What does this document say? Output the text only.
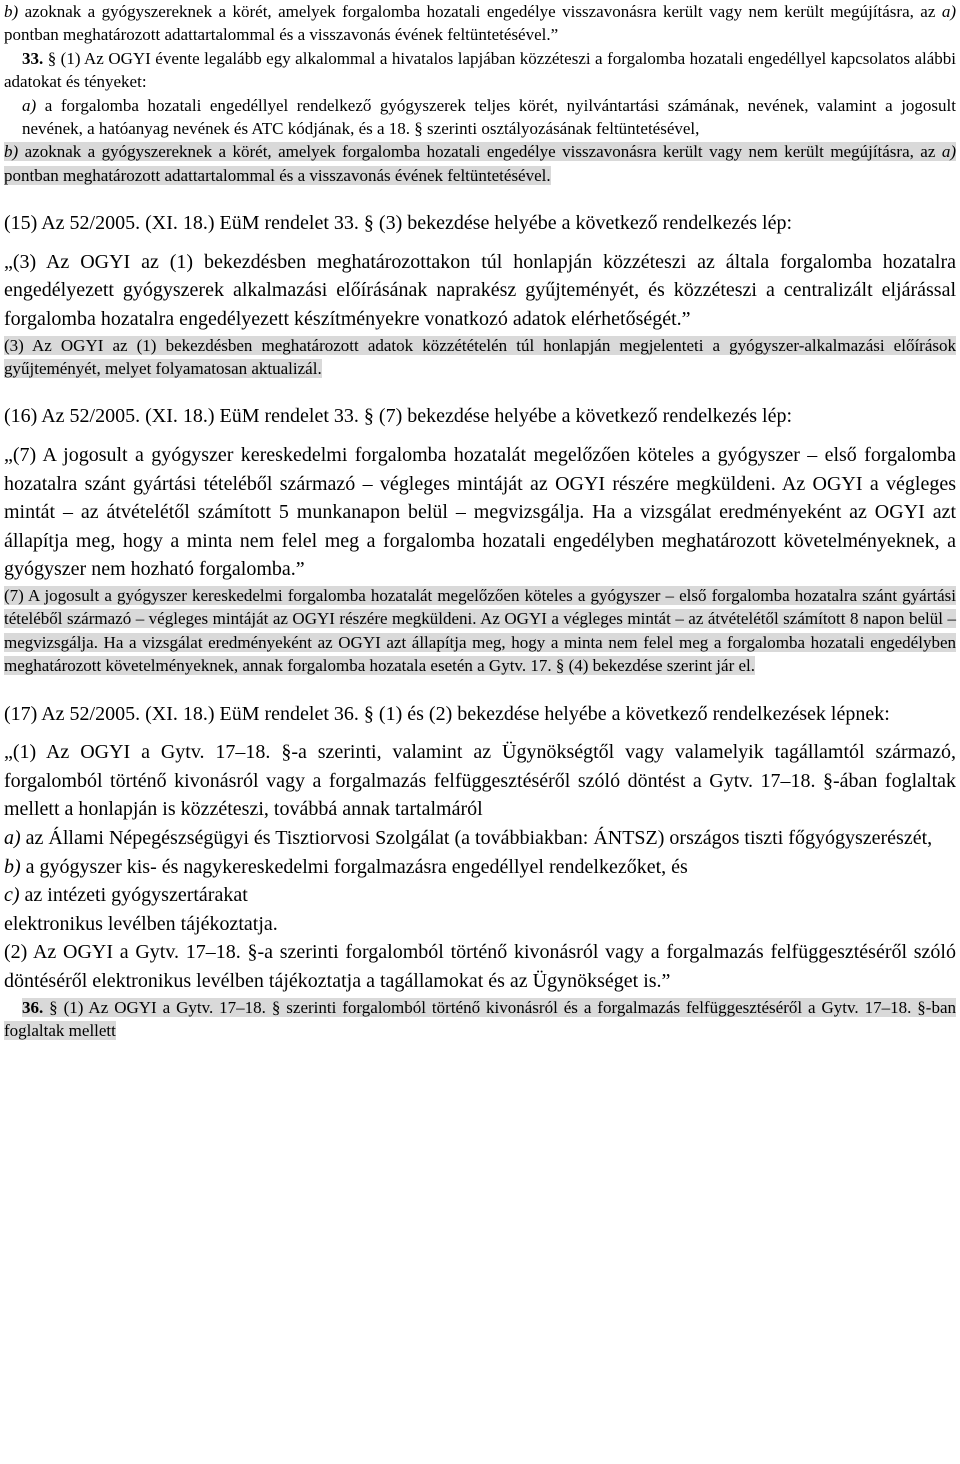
b) azoknak a gyógyszereknek a körét, amelyek forgalomba hozatali engedélye visszavonásra került vagy nem került megújításra, az a) pontban meghatározott adattartalommal és a visszavonás évének feltüntetésével.”

33. § (1) Az OGYI évente legalább egy alkalommal a hivatalos lapjában közzéteszi a forgalomba hozatali engedéllyel kapcsolatos alábbi adatokat és tényeket:

a) a forgalomba hozatali engedéllyel rendelkező gyógyszerek teljes körét, nyilvántartási számának, nevének, valamint a jogosult nevének, a hatóanyag nevének és ATC kódjának, és a 18. § szerinti osztályozásának feltüntetésével,

b) azoknak a gyógyszereknek a körét, amelyek forgalomba hozatali engedélye visszavonásra került vagy nem került megújításra, az a) pontban meghatározott adattartalommal és a visszavonás évének feltüntetésével.

(15) Az 52/2005. (XI. 18.) EüM rendelet 33. § (3) bekezdése helyébe a következő rendelkezés lép:

„(3) Az OGYI az (1) bekezdésben meghatározottakon túl honlapján közzéteszi az általa forgalomba hozatalra engedélyezett gyógyszerek alkalmazási előírásának naprakész gyűjteményét, és közzéteszi a centralizált eljárással forgalomba hozatalra engedélyezett készítményekre vonatkozó adatok elérhetőségét.”

(3) Az OGYI az (1) bekezdésben meghatározott adatok közzétételén túl honlapján megjelenteti a gyógyszer-alkalmazási előírások gyűjteményét, melyet folyamatosan aktualizál.

(16) Az 52/2005. (XI. 18.) EüM rendelet 33. § (7) bekezdése helyébe a következő rendelkezés lép:

„(7) A jogosult a gyógyszer kereskedelmi forgalomba hozatalát megelőzően köteles a gyógyszer – első forgalomba hozatalra szánt gyártási tételéből származó – végleges mintáját az OGYI részére megküldeni. Az OGYI a végleges mintát – az átvételétől számított 5 munkanapon belül – megvizsgálja. Ha a vizsgálat eredményeként az OGYI azt állapítja meg, hogy a minta nem felel meg a forgalomba hozatali engedélyben meghatározott követelményeknek, a gyógyszer nem hozható forgalomba.”

(7) A jogosult a gyógyszer kereskedelmi forgalomba hozatalát megelőzően köteles a gyógyszer – első forgalomba hozatalra szánt gyártási tételéből származó – végleges mintáját az OGYI részére megküldeni. Az OGYI a végleges mintát – az átvételétől számított 8 napon belül – megvizsgálja. Ha a vizsgálat eredményeként az OGYI azt állapítja meg, hogy a minta nem felel meg a forgalomba hozatali engedélyben meghatározott követelményeknek, annak forgalomba hozatala esetén a Gytv. 17. § (4) bekezdése szerint jár el.

(17) Az 52/2005. (XI. 18.) EüM rendelet 36. § (1) és (2) bekezdése helyébe a következő rendelkezések lépnek:

„(1) Az OGYI a Gytv. 17–18. §-a szerinti, valamint az Ügynökségtől vagy valamelyik tagállamtól származó, forgalomból történő kivonásról vagy a forgalmazás felfüggesztéséről szóló döntést a Gytv. 17–18. §-ában foglaltak mellett a honlapján is közzéteszi, továbbá annak tartalmáról

a) az Állami Népegészségügyi és Tisztiorvosi Szolgálat (a továbbiakban: ÁNTSZ) országos tiszti főgyógyszerészét,

b) a gyógyszer kis- és nagykereskedelmi forgalmazásra engedéllyel rendelkezőket, és

c) az intézeti gyógyszertárakat

elektronikus levélben tájékoztatja.

(2) Az OGYI a Gytv. 17–18. §-a szerinti forgalomból történő kivonásról vagy a forgalmazás felfüggesztéséről szóló döntéséről elektronikus levélben tájékoztatja a tagállamokat és az Ügynökséget is.”

36. § (1) Az OGYI a Gytv. 17–18. § szerinti forgalomból történő kivonásról és a forgalmazás felfüggesztéséről a Gytv. 17–18. §-ban foglaltak mellett
